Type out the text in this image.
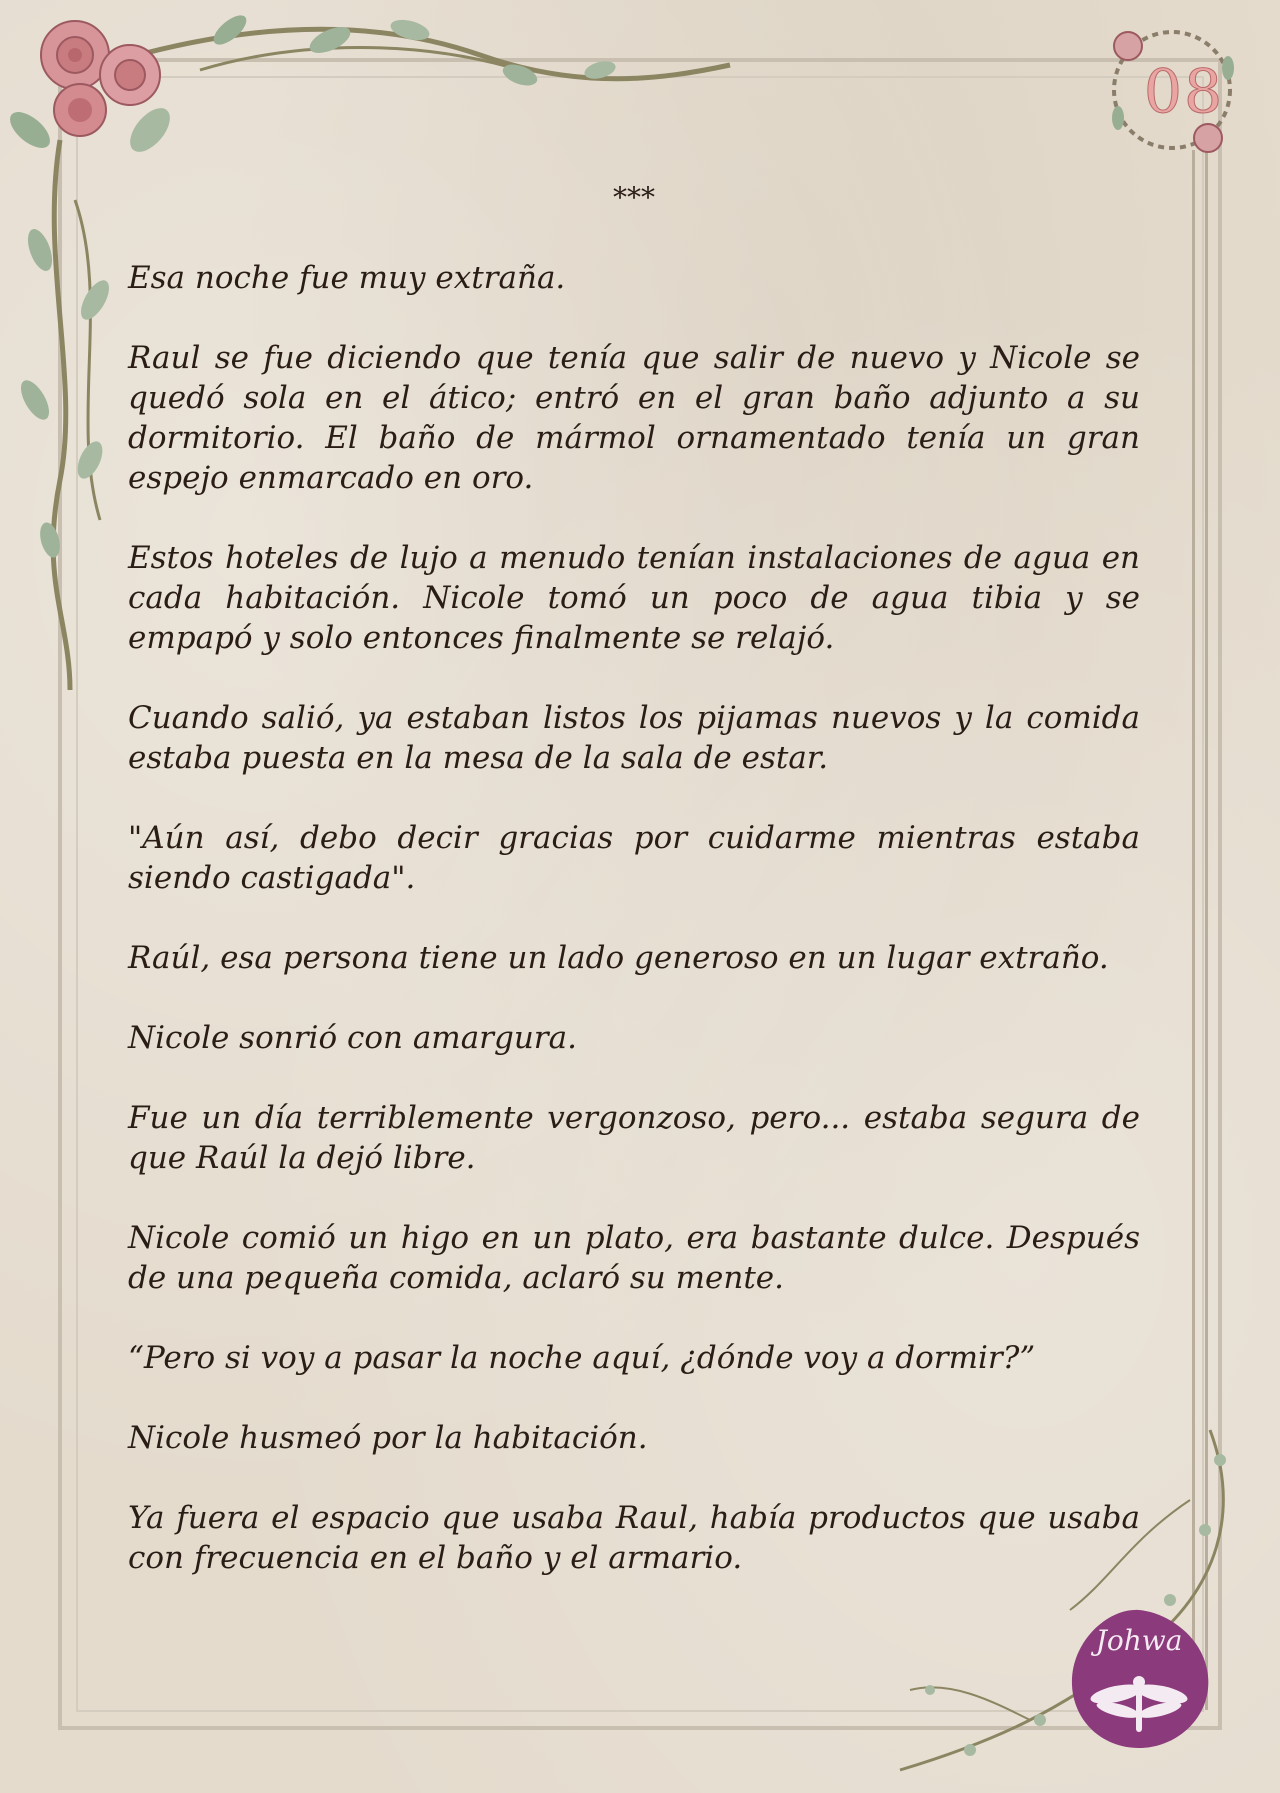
08
Johwa
***

Esa noche fue muy extraña.

Raul se fue diciendo que tenía que salir de nuevo y Nicole se quedó sola en el ático; entró en el gran baño adjunto a su dormitorio. El baño de mármol ornamentado tenía un gran espejo enmarcado en oro.

Estos hoteles de lujo a menudo tenían instalaciones de agua en cada habitación. Nicole tomó un poco de agua tibia y se empapó y solo entonces finalmente se relajó.

Cuando salió, ya estaban listos los pijamas nuevos y la comida estaba puesta en la mesa de la sala de estar.

"Aún así, debo decir gracias por cuidarme mientras estaba siendo castigada".

Raúl, esa persona tiene un lado generoso en un lugar extraño.

Nicole sonrió con amargura.

Fue un día terriblemente vergonzoso, pero... estaba segura de que Raúl la dejó libre.

Nicole comió un higo en un plato, era bastante dulce. Después de una pequeña comida, aclaró su mente.

“Pero si voy a pasar la noche aquí, ¿dónde voy a dormir?”

Nicole husmeó por la habitación.

Ya fuera el espacio que usaba Raul, había productos que usaba con frecuencia en el baño y el armario.
